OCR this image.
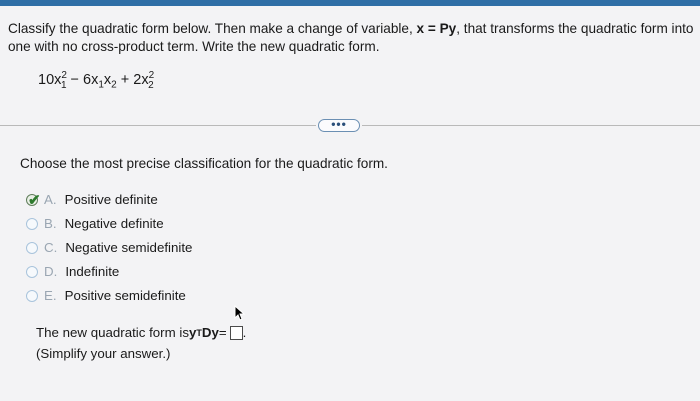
Classify the quadratic form below. Then make a change of variable, x = Py, that transforms the quadratic form into one with no cross-product term. Write the new quadratic form.
$10x^2_1 - 6x_1x_2 + 2x^2_2$
•••
Choose the most precise classification for the quadratic form.
✔ A. Positive definite
B. Negative definite
C. Negative semidefinite
D. Indefinite
E. Positive semidefinite
The new quadratic form is y T Dy = .
(Simplify your answer.)
